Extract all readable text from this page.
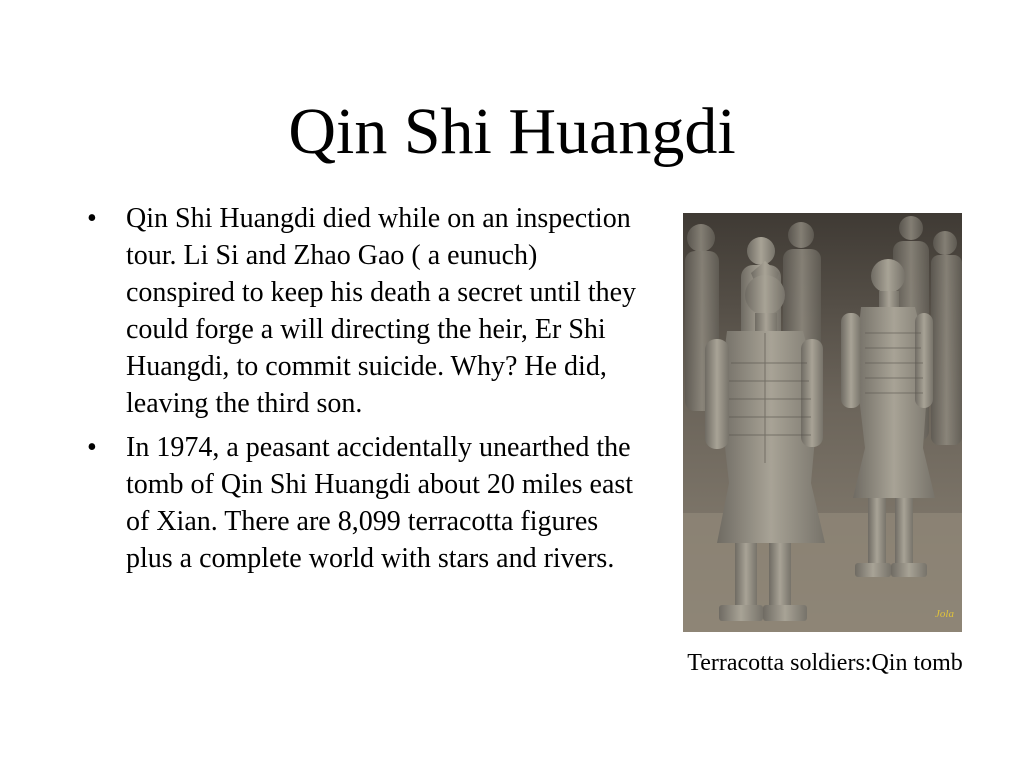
Qin Shi Huangdi
• Qin Shi Huangdi died while on an inspection tour. Li Si and Zhao Gao ( a eunuch) conspired to keep his death a secret until they could forge a will directing the heir, Er Shi Huangdi, to commit suicide. Why? He did, leaving the third son.
• In 1974, a peasant accidentally unearthed the tomb of Qin Shi Huangdi about 20 miles east of Xian. There are 8,099 terracotta figures plus a complete world with stars and rivers.
Jola
Terracotta soldiers:Qin tomb
